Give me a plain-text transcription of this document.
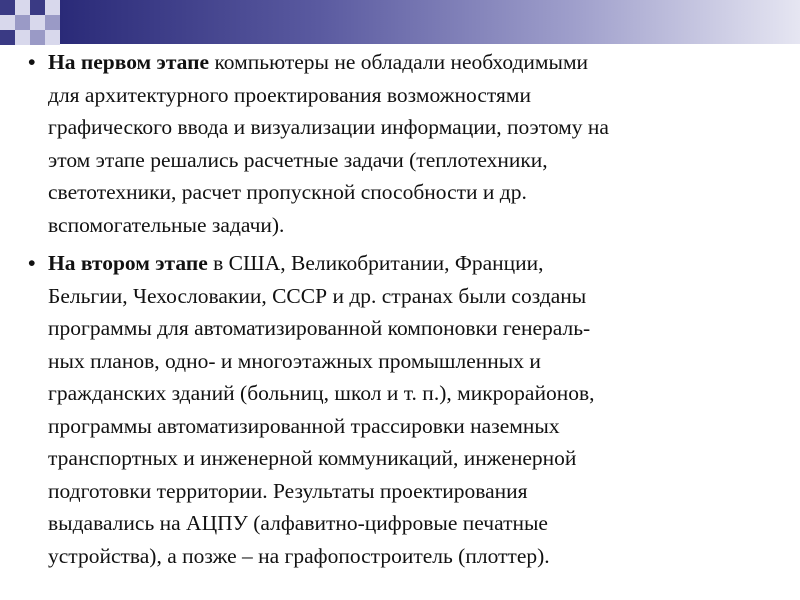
• На первом этапе компьютеры не обладали необходимыми
для архитектурного проектирования возможностями
графического ввода и визуализации информации, поэтому на
этом этапе решались расчетные задачи (теплотехники,
светотехники, расчет пропускной способности и др.
вспомогательные задачи).

• На втором этапе в США, Великобритании, Франции,
Бельгии, Чехословакии, СССР и др. странах были созданы
программы для автоматизированной компоновки генераль-
ных планов, одно- и многоэтажных промышленных и
гражданских зданий (больниц, школ и т. п.), микрорайонов,
программы автоматизированной трассировки наземных
транспортных и инженерной коммуникаций, инженерной
подготовки территории. Результаты проектирования
выдавались на АЦПУ (алфавитно-цифровые печатные
устройства), а позже – на графопостроитель (плоттер).
